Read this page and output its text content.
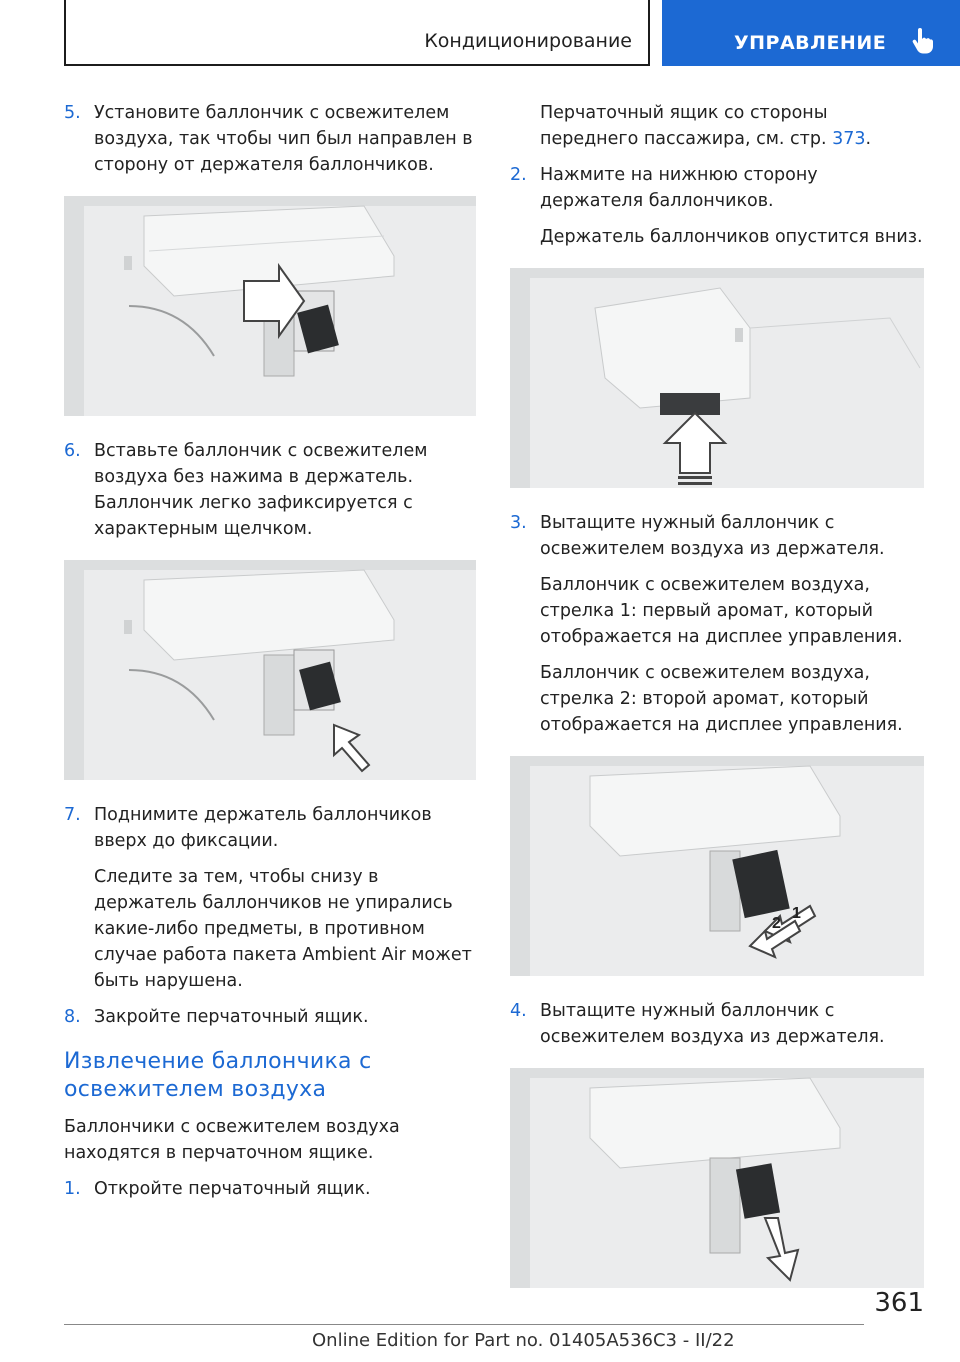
Кондиционирование	УПРАВЛЕНИЕ
5. Установите баллончик с освежителем воздуха, так чтобы чип был направлен в сторону от держателя баллончиков.
6. Вставьте баллончик с освежителем воздуха без нажима в держатель. Баллончик легко зафиксируется с характерным щелчком.
7. Поднимите держатель баллончиков вверх до фиксации.

Следите за тем, чтобы снизу в держатель баллончиков не упирались какие-либо предметы, в противном случае работа пакета Ambient Air может быть нарушена.

8. Закройте перчаточный ящик.
Извлечение баллончика с освежителем воздуха

Баллончики с освежителем воздуха находятся в перчаточном ящике.

1. Откройте перчаточный ящик.

Перчаточный ящик со стороны переднего пассажира, см. стр. 373.

2. Нажмите на нижнюю сторону держателя баллончиков.

Держатель баллончиков опустится вниз.

3. Вытащите нужный баллончик с освежителем воздуха из держателя.

Баллончик с освежителем воздуха, стрелка 1: первый аромат, который отображается на дисплее управления.

Баллончик с освежителем воздуха, стрелка 2: второй аромат, который отображается на дисплее управления.

1
2
4. Вытащите нужный баллончик с освежителем воздуха из держателя.
361
Online Edition for Part no. 01405A536C3 - II/22
